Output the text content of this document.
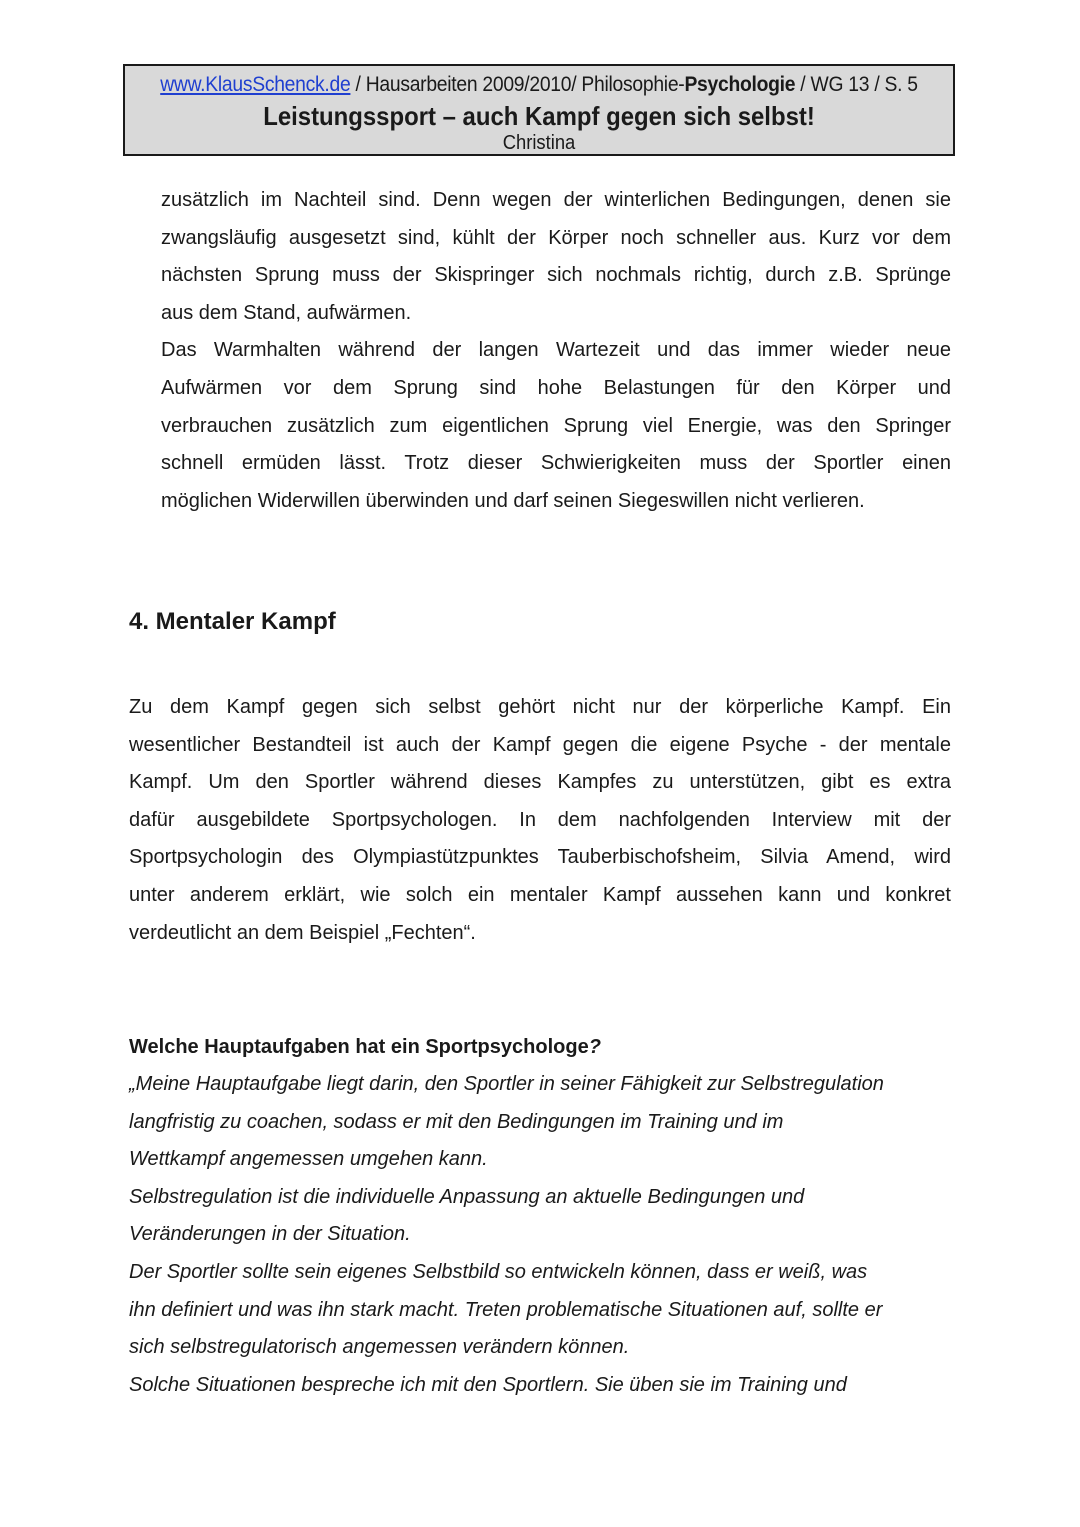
www.KlausSchenck.de / Hausarbeiten 2009/2010/ Philosophie-Psychologie / WG 13 / S. 5
Leistungssport – auch Kampf gegen sich selbst!
Christina
zusätzlich im Nachteil sind. Denn wegen der winterlichen Bedingungen, denen sie
zwangsläufig ausgesetzt sind, kühlt der Körper noch schneller aus. Kurz vor dem
nächsten Sprung muss der Skispringer sich nochmals richtig, durch z.B. Sprünge
aus dem Stand, aufwärmen.
Das Warmhalten während der langen Wartezeit und das immer wieder neue
Aufwärmen vor dem Sprung sind hohe Belastungen für den Körper und
verbrauchen zusätzlich zum eigentlichen Sprung viel Energie, was den Springer
schnell ermüden lässt. Trotz dieser Schwierigkeiten muss der Sportler einen
möglichen Widerwillen überwinden und darf seinen Siegeswillen nicht verlieren.
4. Mentaler Kampf
Zu dem Kampf gegen sich selbst gehört nicht nur der körperliche Kampf. Ein
wesentlicher Bestandteil ist auch der Kampf gegen die eigene Psyche - der mentale
Kampf. Um den Sportler während dieses Kampfes zu unterstützen, gibt es extra
dafür ausgebildete Sportpsychologen. In dem nachfolgenden Interview mit der
Sportpsychologin des Olympiastützpunktes Tauberbischofsheim, Silvia Amend, wird
unter anderem erklärt, wie solch ein mentaler Kampf aussehen kann und konkret
verdeutlicht an dem Beispiel „Fechten“.
Welche Hauptaufgaben hat ein Sportpsychologe?
„Meine Hauptaufgabe liegt darin, den Sportler in seiner Fähigkeit zur Selbstregulation
langfristig zu coachen, sodass er mit den Bedingungen im Training und im
Wettkampf angemessen umgehen kann.
Selbstregulation ist die individuelle Anpassung an aktuelle Bedingungen und
Veränderungen in der Situation.
Der Sportler sollte sein eigenes Selbstbild so entwickeln können, dass er weiß, was
ihn definiert und was ihn stark macht. Treten problematische Situationen auf, sollte er
sich selbstregulatorisch angemessen verändern können.
Solche Situationen bespreche ich mit den Sportlern. Sie üben sie im Training und
